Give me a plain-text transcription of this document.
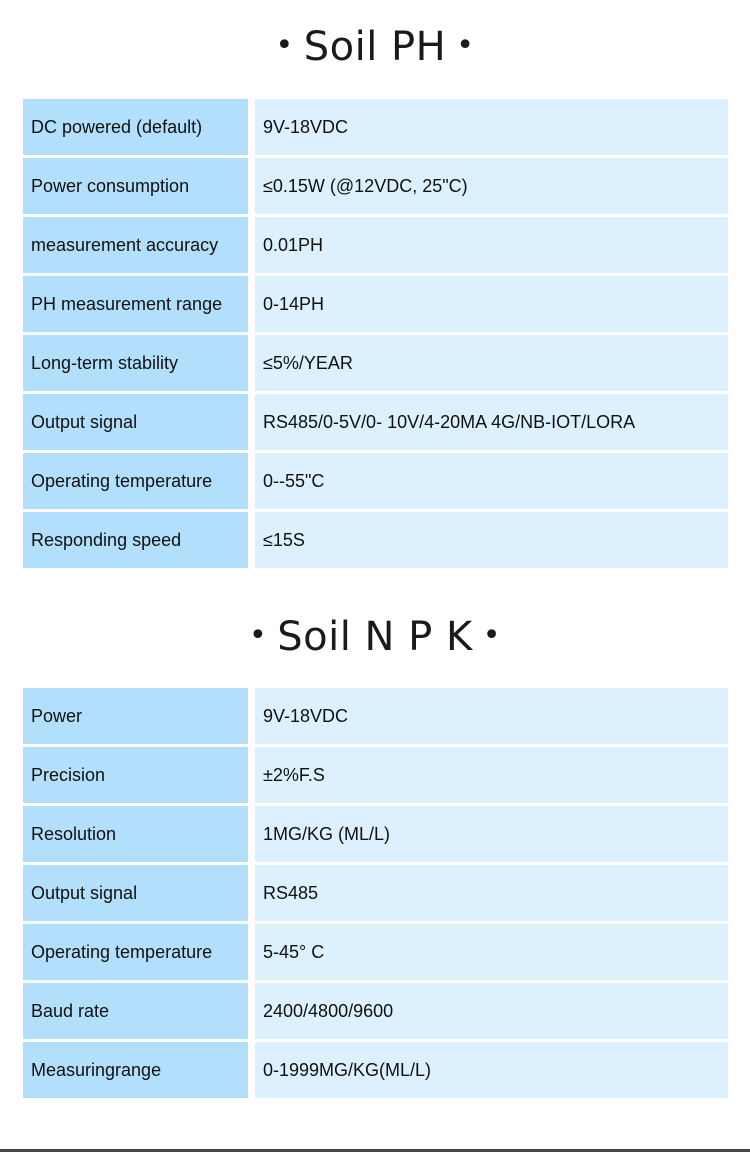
• Soil PH •
DC powered (default)	9V-18VDC
Power consumption	≤0.15W (@12VDC, 25"C)
measurement accuracy	0.01PH
PH measurement range	0-14PH
Long-term stability	≤5%/YEAR
Output signal	RS485/0-5V/0- 10V/4-20MA 4G/NB-IOT/LORA
Operating temperature	0--55"C
Responding speed	≤15S
• Soil N P K •
Power	9V-18VDC
Precision	±2%F.S
Resolution	1MG/KG (ML/L)
Output signal	RS485
Operating temperature	5-45° C
Baud rate	2400/4800/9600
Measuringrange	0-1999MG/KG(ML/L)
